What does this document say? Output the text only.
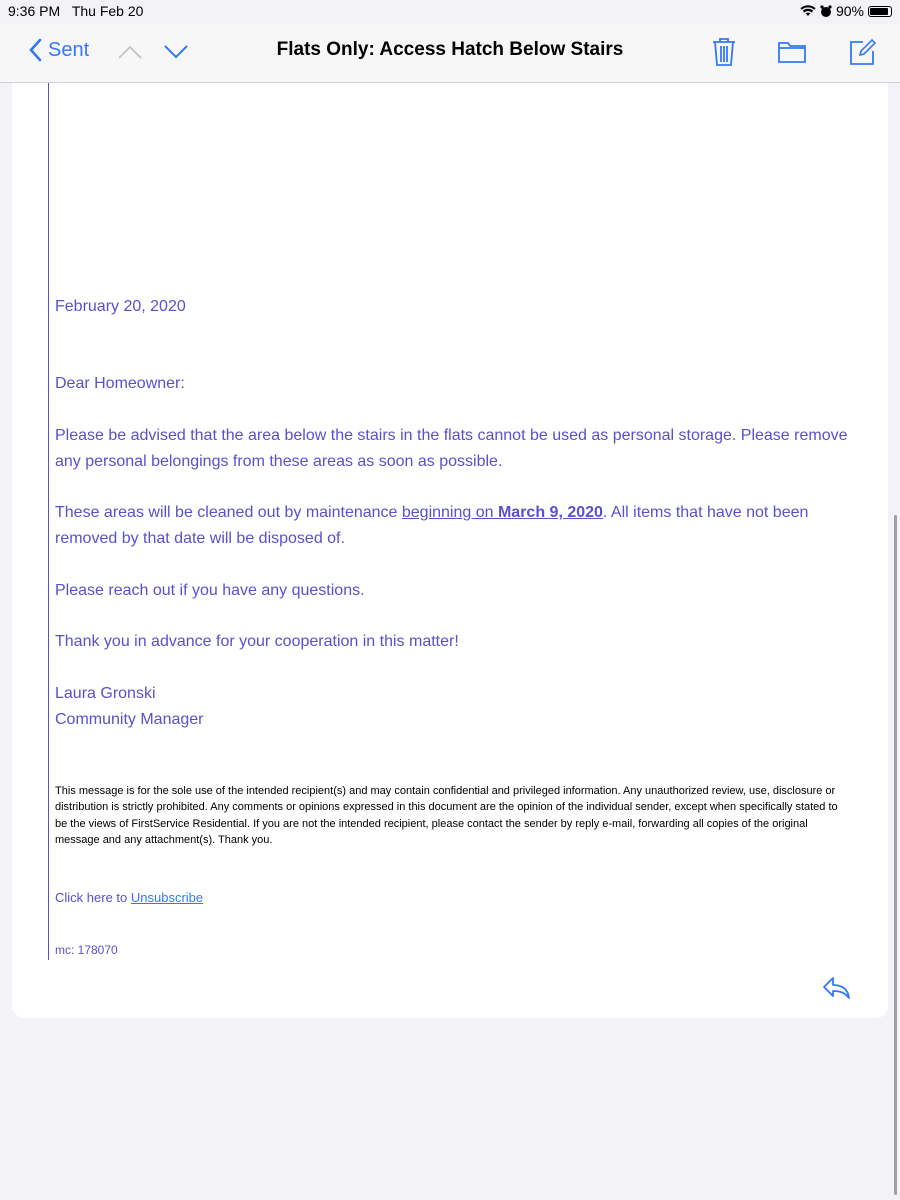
9:36 PM Thu Feb 20	90%
Sent	Flats Only: Access Hatch Below Stairs
February 20, 2020
Dear Homeowner:
Please be advised that the area below the stairs in the flats cannot be used as personal storage. Please remove any personal belongings from these areas as soon as possible.
These areas will be cleaned out by maintenance beginning on March 9, 2020. All items that have not been removed by that date will be disposed of.
Please reach out if you have any questions.
Thank you in advance for your cooperation in this matter!
Laura Gronski
Community Manager
This message is for the sole use of the intended recipient(s) and may contain confidential and privileged information. Any unauthorized review, use, disclosure or distribution is strictly prohibited. Any comments or opinions expressed in this document are the opinion of the individual sender, except when specifically stated to be the views of FirstService Residential. If you are not the intended recipient, please contact the sender by reply e-mail, forwarding all copies of the original message and any attachment(s). Thank you.
Click here to Unsubscribe
mc: 178070
